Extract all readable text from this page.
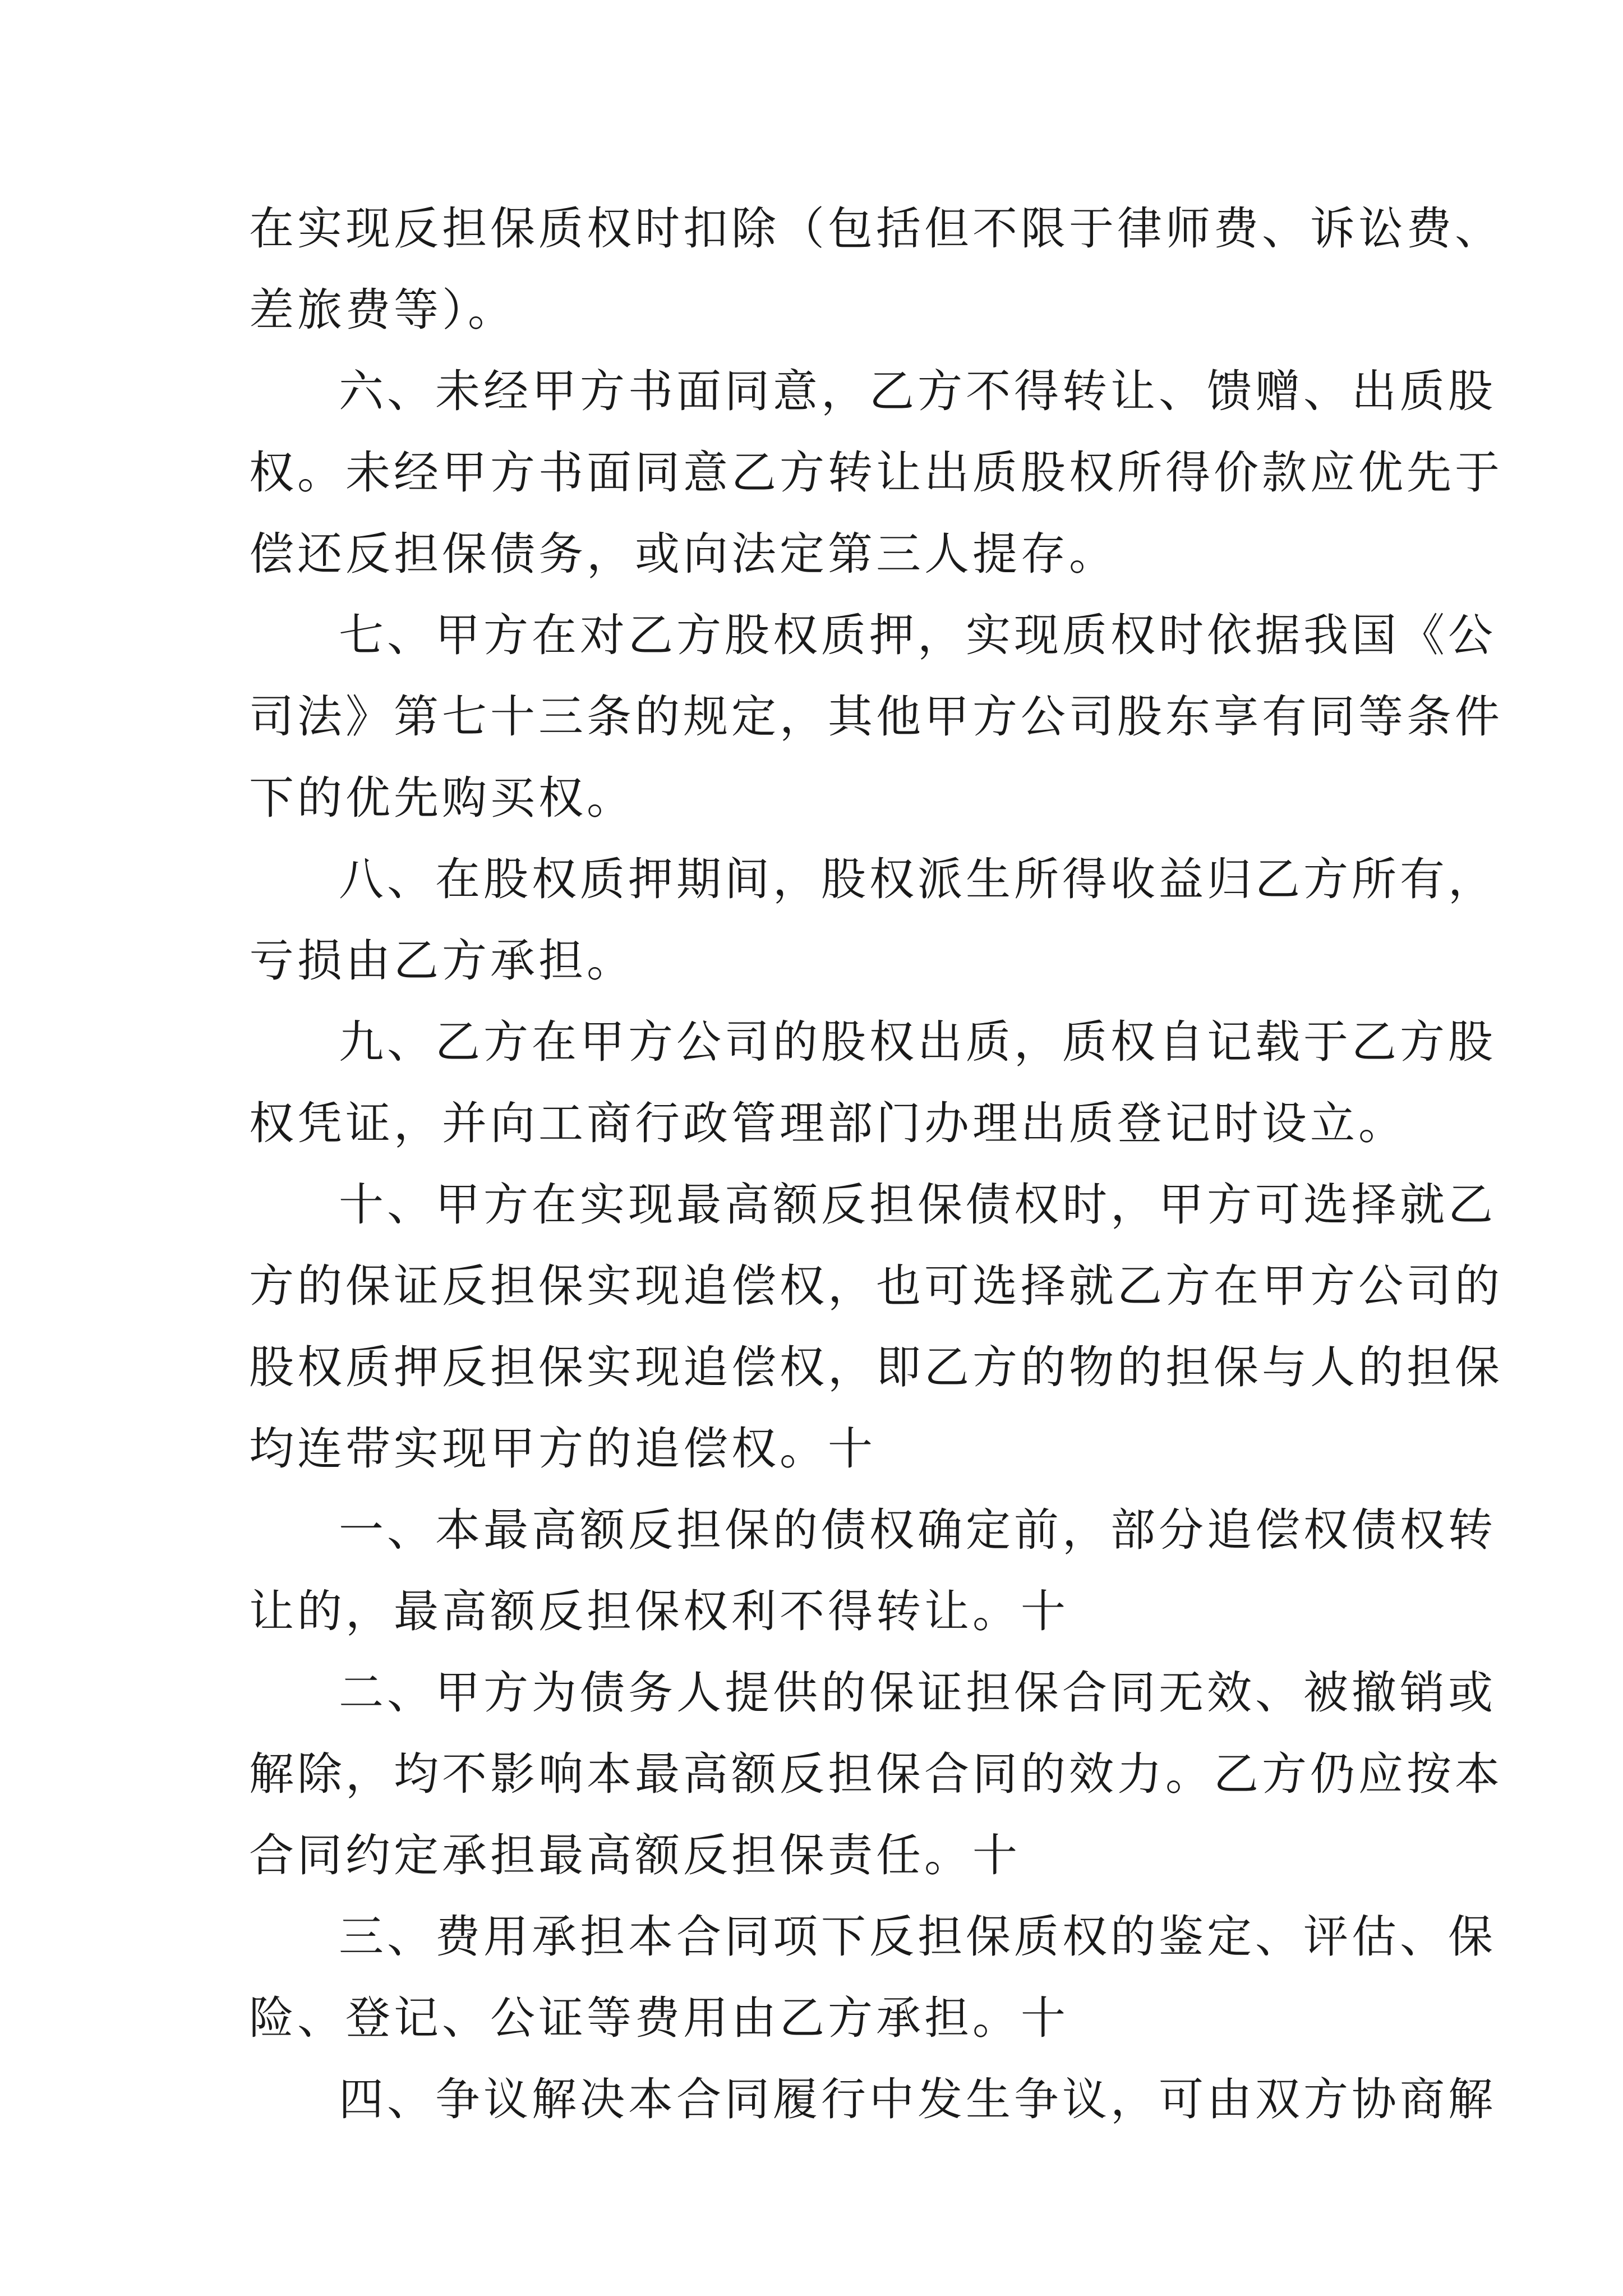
在实现反担保质权时扣除（包括但不限于律师费、诉讼费、
差旅费等）。
六、未经甲方书面同意，乙方不得转让、馈赠、出质股
权。未经甲方书面同意乙方转让出质股权所得价款应优先于
偿还反担保债务，或向法定第三人提存。
七、甲方在对乙方股权质押，实现质权时依据我国《公
司法》第七十三条的规定，其他甲方公司股东享有同等条件
下的优先购买权。
八、在股权质押期间，股权派生所得收益归乙方所有，
亏损由乙方承担。
九、乙方在甲方公司的股权出质，质权自记载于乙方股
权凭证，并向工商行政管理部门办理出质登记时设立。
十、甲方在实现最高额反担保债权时，甲方可选择就乙
方的保证反担保实现追偿权，也可选择就乙方在甲方公司的
股权质押反担保实现追偿权，即乙方的物的担保与人的担保
均连带实现甲方的追偿权。十
一、本最高额反担保的债权确定前，部分追偿权债权转
让的，最高额反担保权利不得转让。十
二、甲方为债务人提供的保证担保合同无效、被撤销或
解除，均不影响本最高额反担保合同的效力。乙方仍应按本
合同约定承担最高额反担保责任。十
三、费用承担本合同项下反担保质权的鉴定、评估、保
险、登记、公证等费用由乙方承担。十
四、争议解决本合同履行中发生争议，可由双方协商解
